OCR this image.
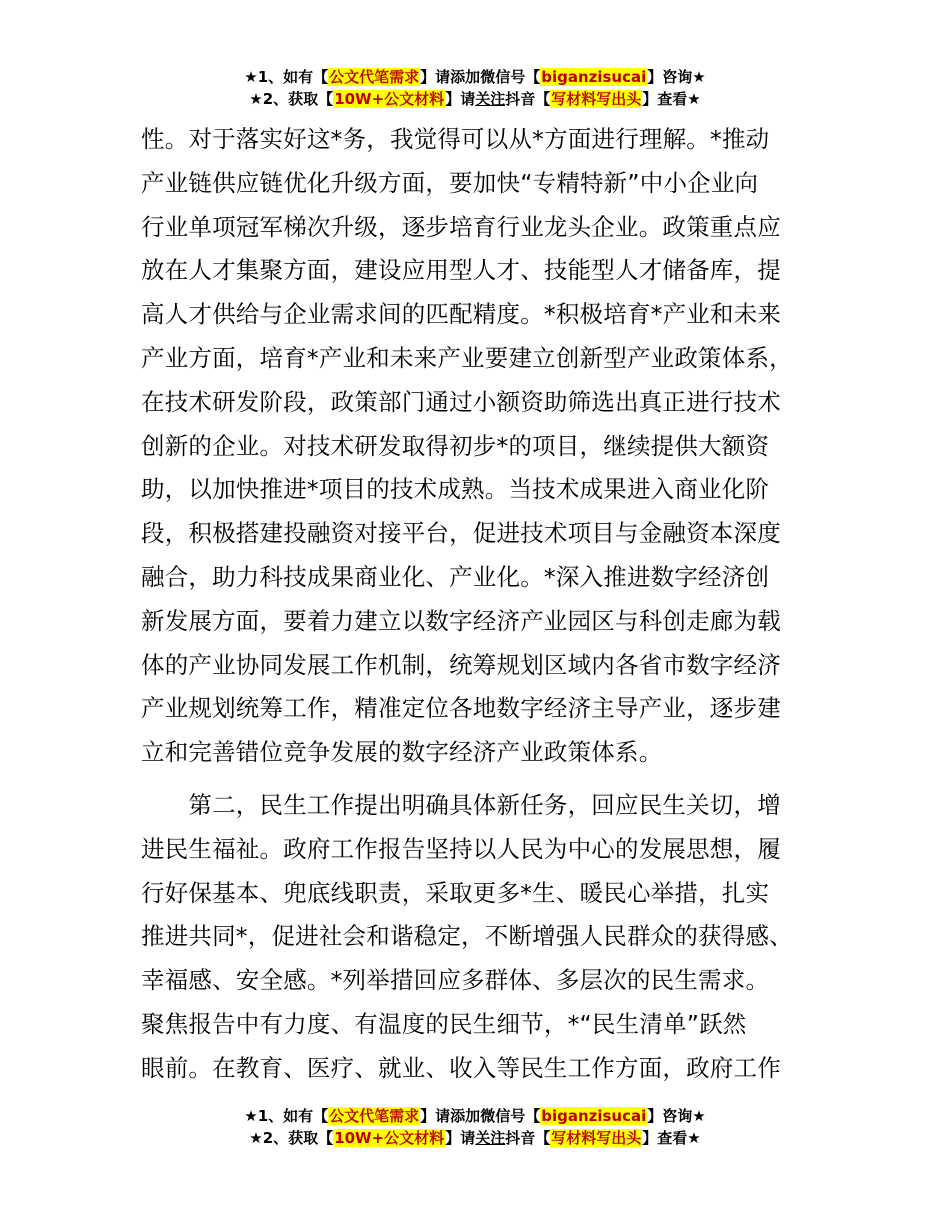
★1、如有【公文代笔需求】请添加微信号【biganzisucai】咨询★
★2、获取【10W+公文材料】请关注抖音【写材料写出头】查看★
性。对于落实好这*务，我觉得可以从*方面进行理解。*推动
产业链供应链优化升级方面，要加快“专精特新”中小企业向
行业单项冠军梯次升级，逐步培育行业龙头企业。政策重点应
放在人才集聚方面，建设应用型人才、技能型人才储备库，提
高人才供给与企业需求间的匹配精度。*积极培育*产业和未来
产业方面，培育*产业和未来产业要建立创新型产业政策体系，
在技术研发阶段，政策部门通过小额资助筛选出真正进行技术
创新的企业。对技术研发取得初步*的项目，继续提供大额资
助，以加快推进*项目的技术成熟。当技术成果进入商业化阶
段，积极搭建投融资对接平台，促进技术项目与金融资本深度
融合，助力科技成果商业化、产业化。*深入推进数字经济创
新发展方面，要着力建立以数字经济产业园区与科创走廊为载
体的产业协同发展工作机制，统筹规划区域内各省市数字经济
产业规划统筹工作，精准定位各地数字经济主导产业，逐步建
立和完善错位竞争发展的数字经济产业政策体系。
　　第二，民生工作提出明确具体新任务，回应民生关切，增
进民生福祉。政府工作报告坚持以人民为中心的发展思想，履
行好保基本、兜底线职责，采取更多*生、暖民心举措，扎实
推进共同*，促进社会和谐稳定，不断增强人民群众的获得感、
幸福感、安全感。*列举措回应多群体、多层次的民生需求。
聚焦报告中有力度、有温度的民生细节，*“民生清单”跃然
眼前。在教育、医疗、就业、收入等民生工作方面，政府工作
★1、如有【公文代笔需求】请添加微信号【biganzisucai】咨询★
★2、获取【10W+公文材料】请关注抖音【写材料写出头】查看★
